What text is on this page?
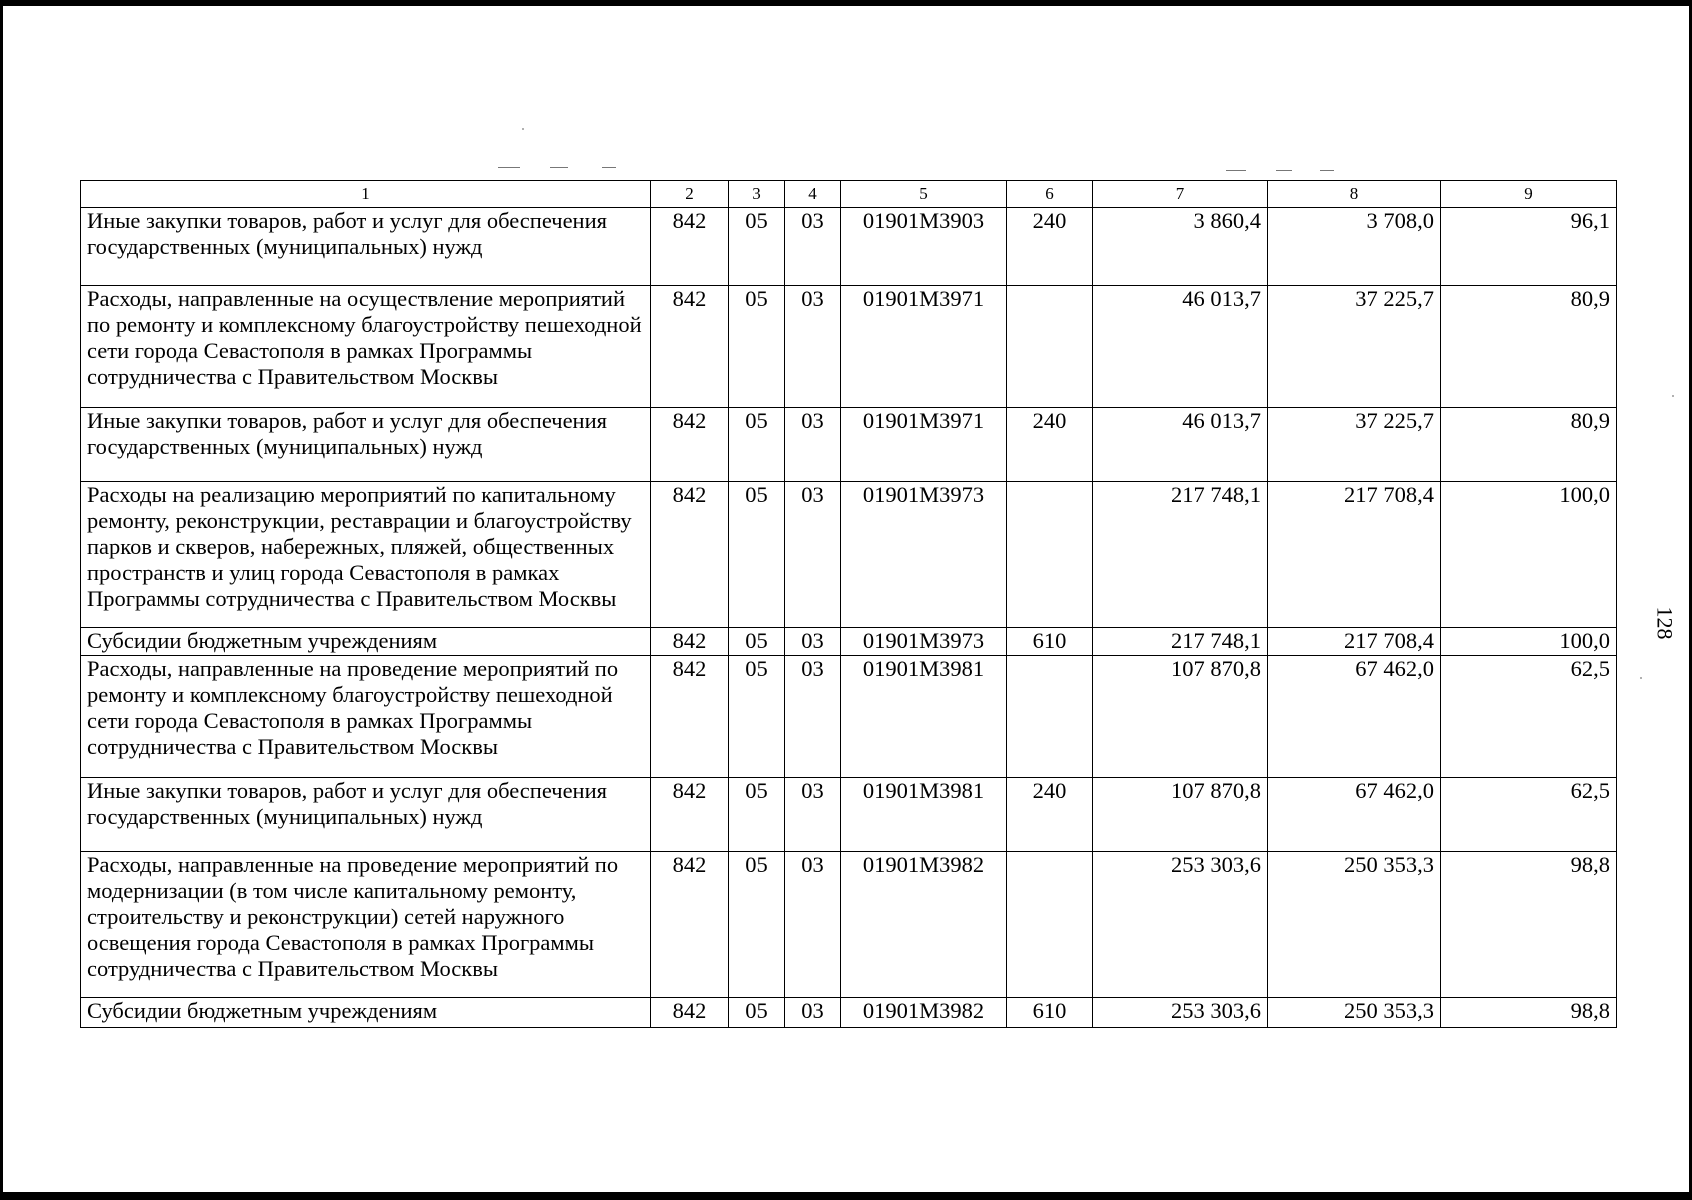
1	2	3	4	5	6	7	8	9
Иные закупки товаров, работ и услуг для обеспечения государственных (муниципальных) нужд	842	05	03	01901М3903	240	3 860,4	3 708,0	96,1
Расходы, направленные на осуществление мероприятий по ремонту и комплексному благоустройству пешеходной сети города Севастополя в рамках Программы сотрудничества с Правительством Москвы	842	05	03	01901М3971		46 013,7	37 225,7	80,9
Иные закупки товаров, работ и услуг для обеспечения государственных (муниципальных) нужд	842	05	03	01901М3971	240	46 013,7	37 225,7	80,9
Расходы на реализацию мероприятий по капитальному ремонту, реконструкции, реставрации и благоустройству парков и скверов, набережных, пляжей, общественных пространств и улиц города Севастополя в рамках Программы сотрудничества с Правительством Москвы	842	05	03	01901М3973		217 748,1	217 708,4	100,0
Субсидии бюджетным учреждениям	842	05	03	01901М3973	610	217 748,1	217 708,4	100,0
Расходы, направленные на проведение мероприятий по ремонту и комплексному благоустройству пешеходной сети города Севастополя в рамках Программы сотрудничества с Правительством Москвы	842	05	03	01901М3981		107 870,8	67 462,0	62,5
Иные закупки товаров, работ и услуг для обеспечения государственных (муниципальных) нужд	842	05	03	01901М3981	240	107 870,8	67 462,0	62,5
Расходы, направленные на проведение мероприятий по модернизации (в том числе капитальному ремонту, строительству и реконструкции) сетей наружного освещения города Севастополя в рамках Программы сотрудничества с Правительством Москвы	842	05	03	01901М3982		253 303,6	250 353,3	98,8
Субсидии бюджетным учреждениям	842	05	03	01901М3982	610	253 303,6	250 353,3	98,8
128
